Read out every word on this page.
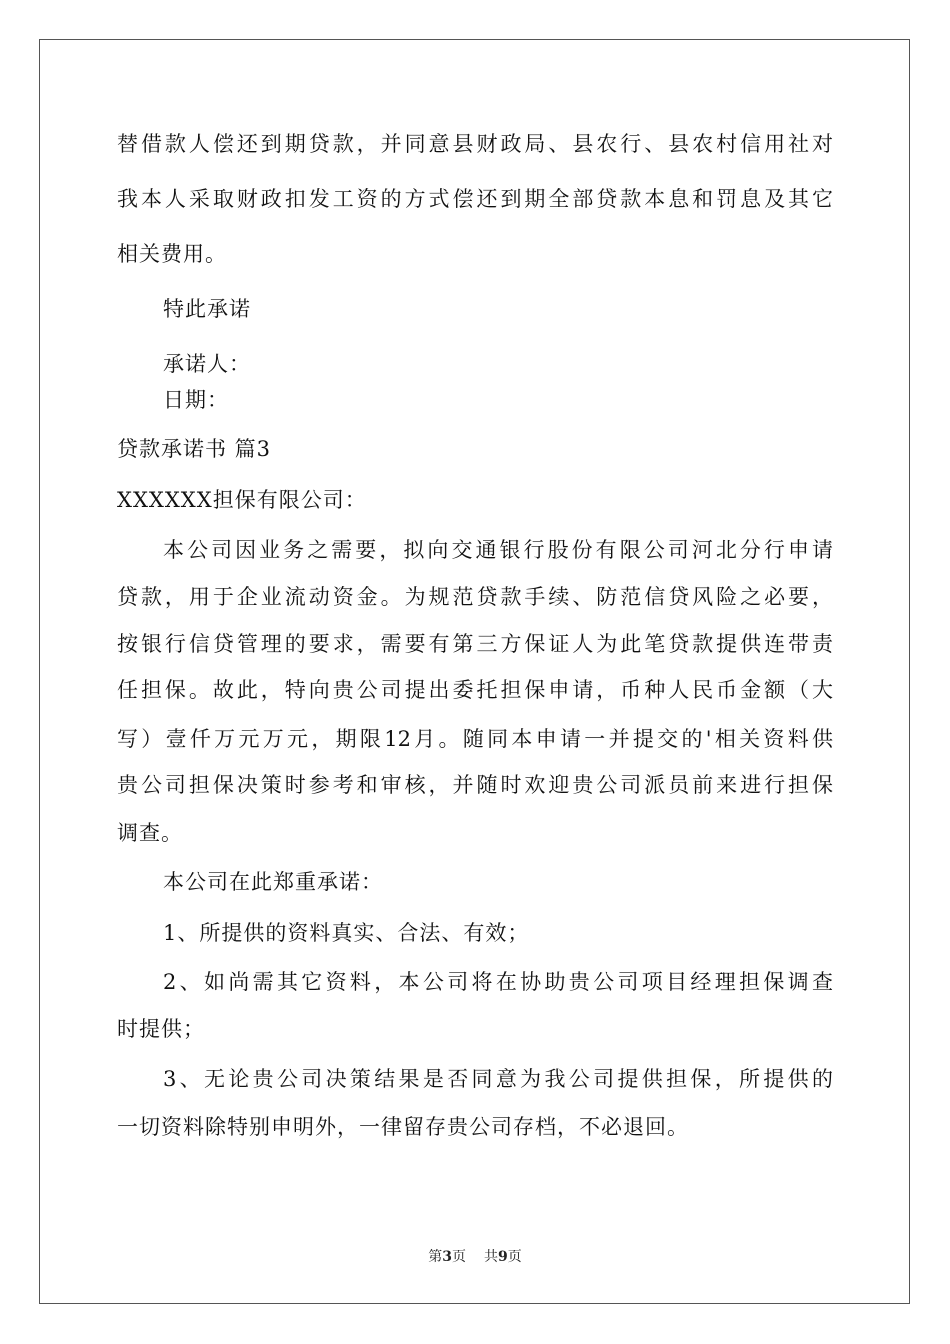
替借款人偿还到期贷款，并同意县财政局、县农行、县农村信用社对
我本人采取财政扣发工资的方式偿还到期全部贷款本息和罚息及其它
相关费用。
特此承诺
承诺人：
日期：
贷款承诺书 篇3
XXXXXX担保有限公司：
本公司因业务之需要，拟向交通银行股份有限公司河北分行申请
贷款，用于企业流动资金。为规范贷款手续、防范信贷风险之必要，
按银行信贷管理的要求，需要有第三方保证人为此笔贷款提供连带责
任担保。故此，特向贵公司提出委托担保申请，币种人民币金额（大
写）壹仟万元万元，期限12月。随同本申请一并提交的'相关资料供
贵公司担保决策时参考和审核，并随时欢迎贵公司派员前来进行担保
调查。
本公司在此郑重承诺：
1、所提供的资料真实、合法、有效；
2、如尚需其它资料，本公司将在协助贵公司项目经理担保调查
时提供；
3、无论贵公司决策结果是否同意为我公司提供担保，所提供的
一切资料除特别申明外，一律留存贵公司存档，不必退回。
第3页 共9页
